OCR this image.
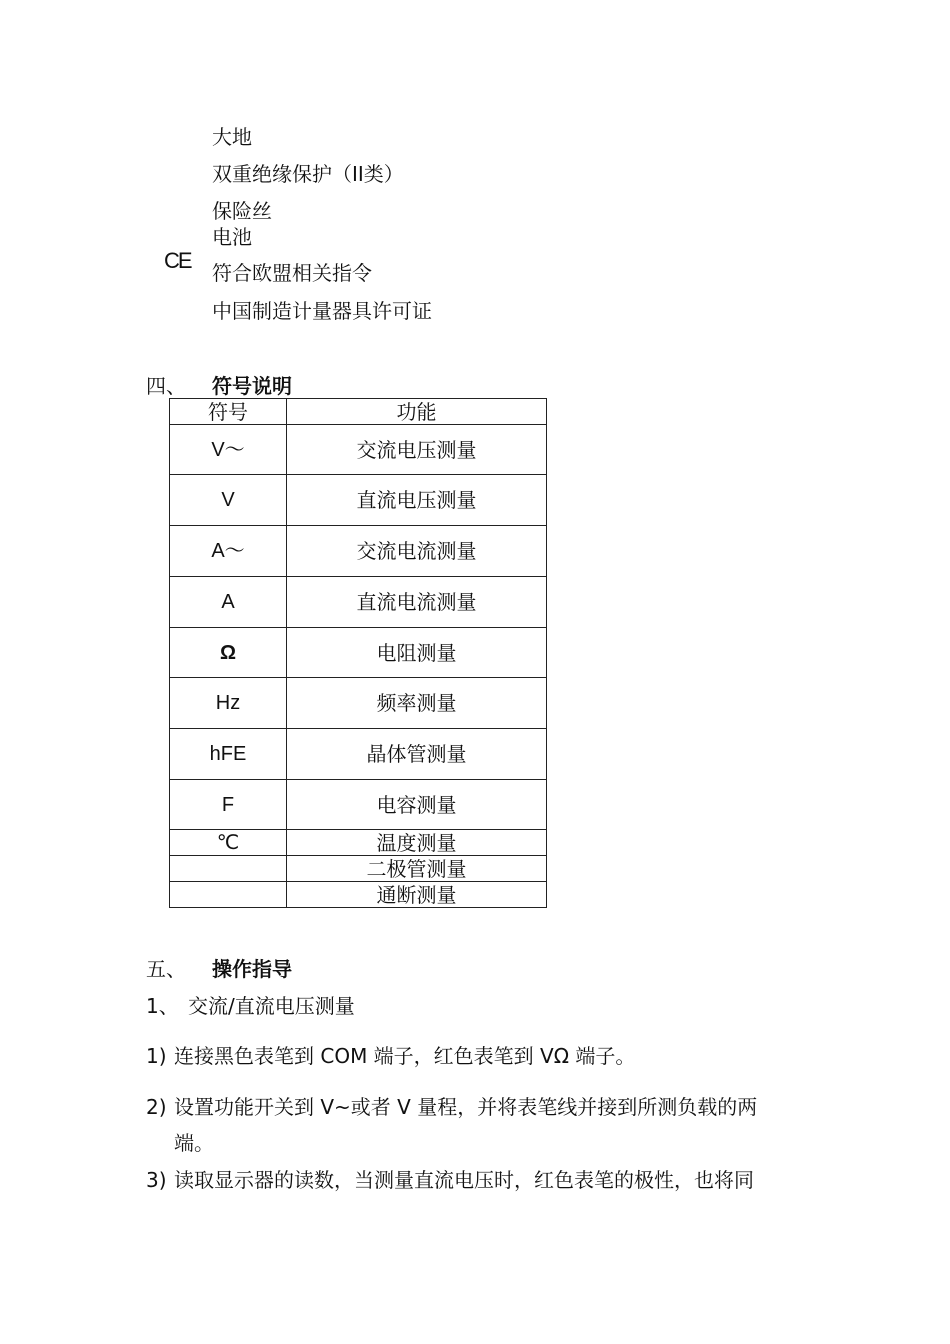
大地
双重绝缘保护（II类）
保险丝
电池
CE 符合欧盟相关指令
中国制造计量器具许可证
四、 符号说明
符号	功能
V～	交流电压测量
V	直流电压测量
A～	交流电流测量
A	直流电流测量
Ω	电阻测量
Hz	频率测量
hFE	晶体管测量
F	电容测量
℃	温度测量
	二极管测量
	通断测量
五、 操作指导
1、 交流/直流电压测量
1) 连接黑色表笔到 COM 端子，红色表笔到 VΩ 端子。
2) 设置功能开关到 V~或者 V 量程，并将表笔线并接到所测负载的两
端。
3) 读取显示器的读数，当测量直流电压时，红色表笔的极性，也将同
